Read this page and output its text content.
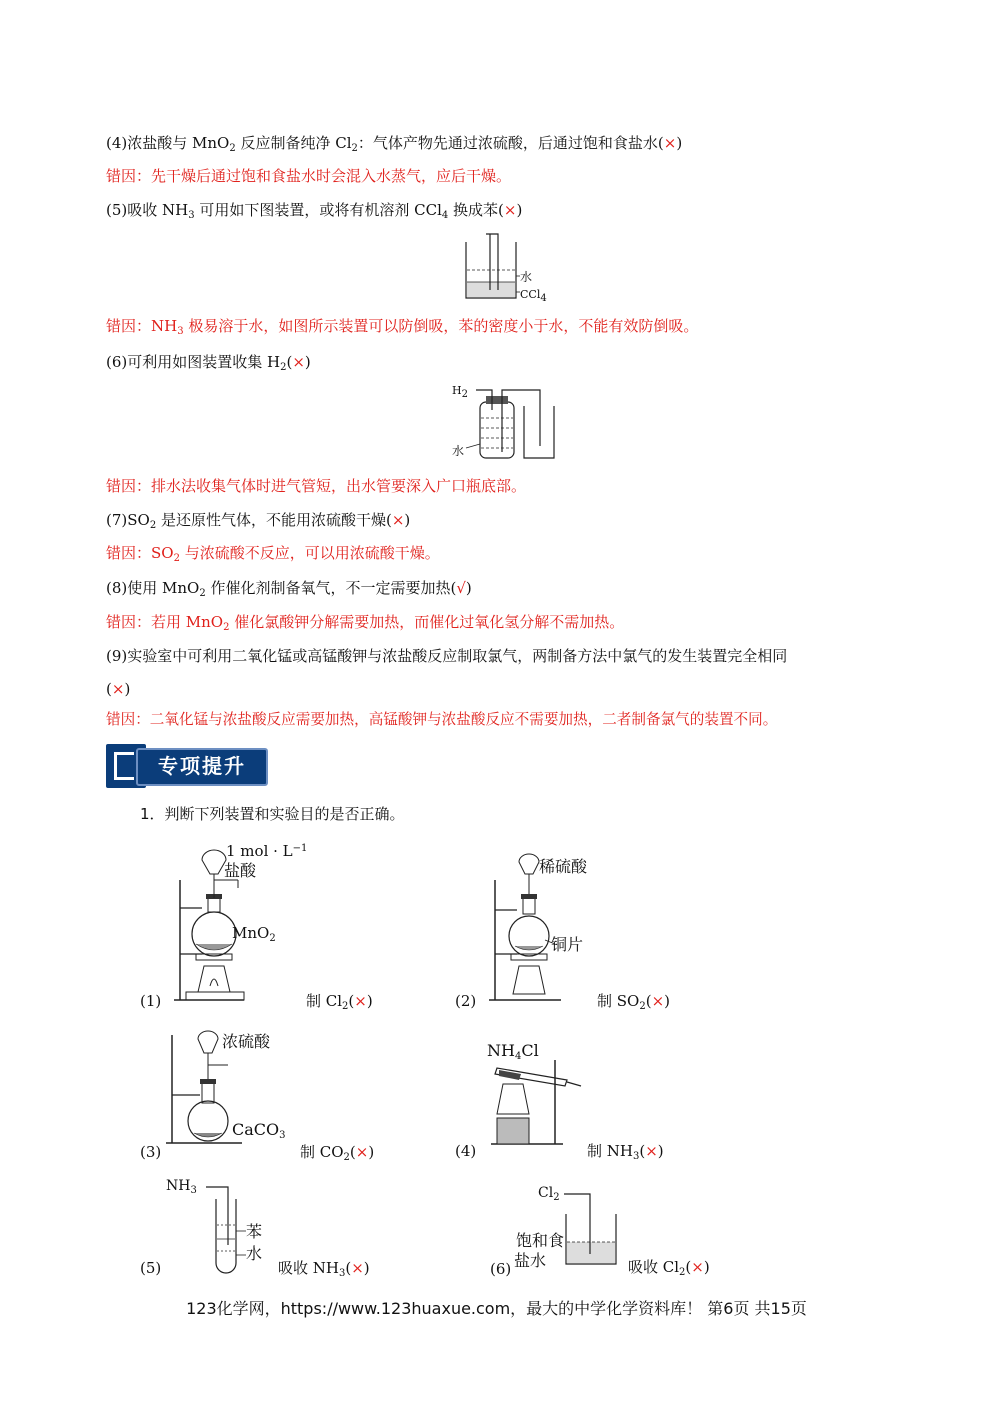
(4)浓盐酸与 MnO$_2$ 反应制备纯净 $Cl_2$：气体产物先通过浓硫酸，后通过饱和食盐水(×)
错因：先干燥后通过饱和食盐水时会混入水蒸气，应后干燥。
(5)吸收 $NH_3$ 可用如下图装置，或将有机溶剂 CCl$_4$ 换成苯(×)
水
CCl$_4$
错因：$NH_3$ 极易溶于水，如图所示装置可以防倒吸，苯的密度小于水，不能有效防倒吸。
(6)可利用如图装置收集 $H_2(\times)$
$H_2$
水
错因：排水法收集气体时进气管短，出水管要深入广口瓶底部。
$(7)SO_2$ 是还原性气体，不能用浓硫酸干燥(×)
错因：$SO_2$ 与浓硫酸不反应，可以用浓硫酸干燥。
(8)使用 MnO$_2$ 作催化剂制备氧气，不一定需要加热(√)
错因：若用 MnO$_2$ 催化氯酸钾分解需要加热，而催化过氧化氢分解不需加热。
(9)实验室中可利用二氧化锰或高锰酸钾与浓盐酸反应制取氯气，两制备方法中氯气的发生装置完全相同
(×)
错因：二氧化锰与浓盐酸反应需要加热，高锰酸钾与浓盐酸反应不需要加热，二者制备氯气的装置不同。
专项提升
1．判断下列装置和实验目的是否正确。
1 mol · $L^{-1}$
盐酸
MnO$_2$
(1)	制 $Cl_2(\times)$
稀硫酸
铜片
(2)	制 $SO_2(\times)$
浓硫酸
CaCO$_3$
(3)	制 $CO_2(\times)$
$NH_4Cl$
(4)	制 $NH_3(\times)$
$NH_3$
苯
水
(5)	吸收 $NH_3(\times)$
$Cl_2$
饱和食
盐水
(6)	吸收 $Cl_2(\times)$
123化学网，https://www.123huaxue.com，最大的中学化学资料库！ 第6页 共15页
